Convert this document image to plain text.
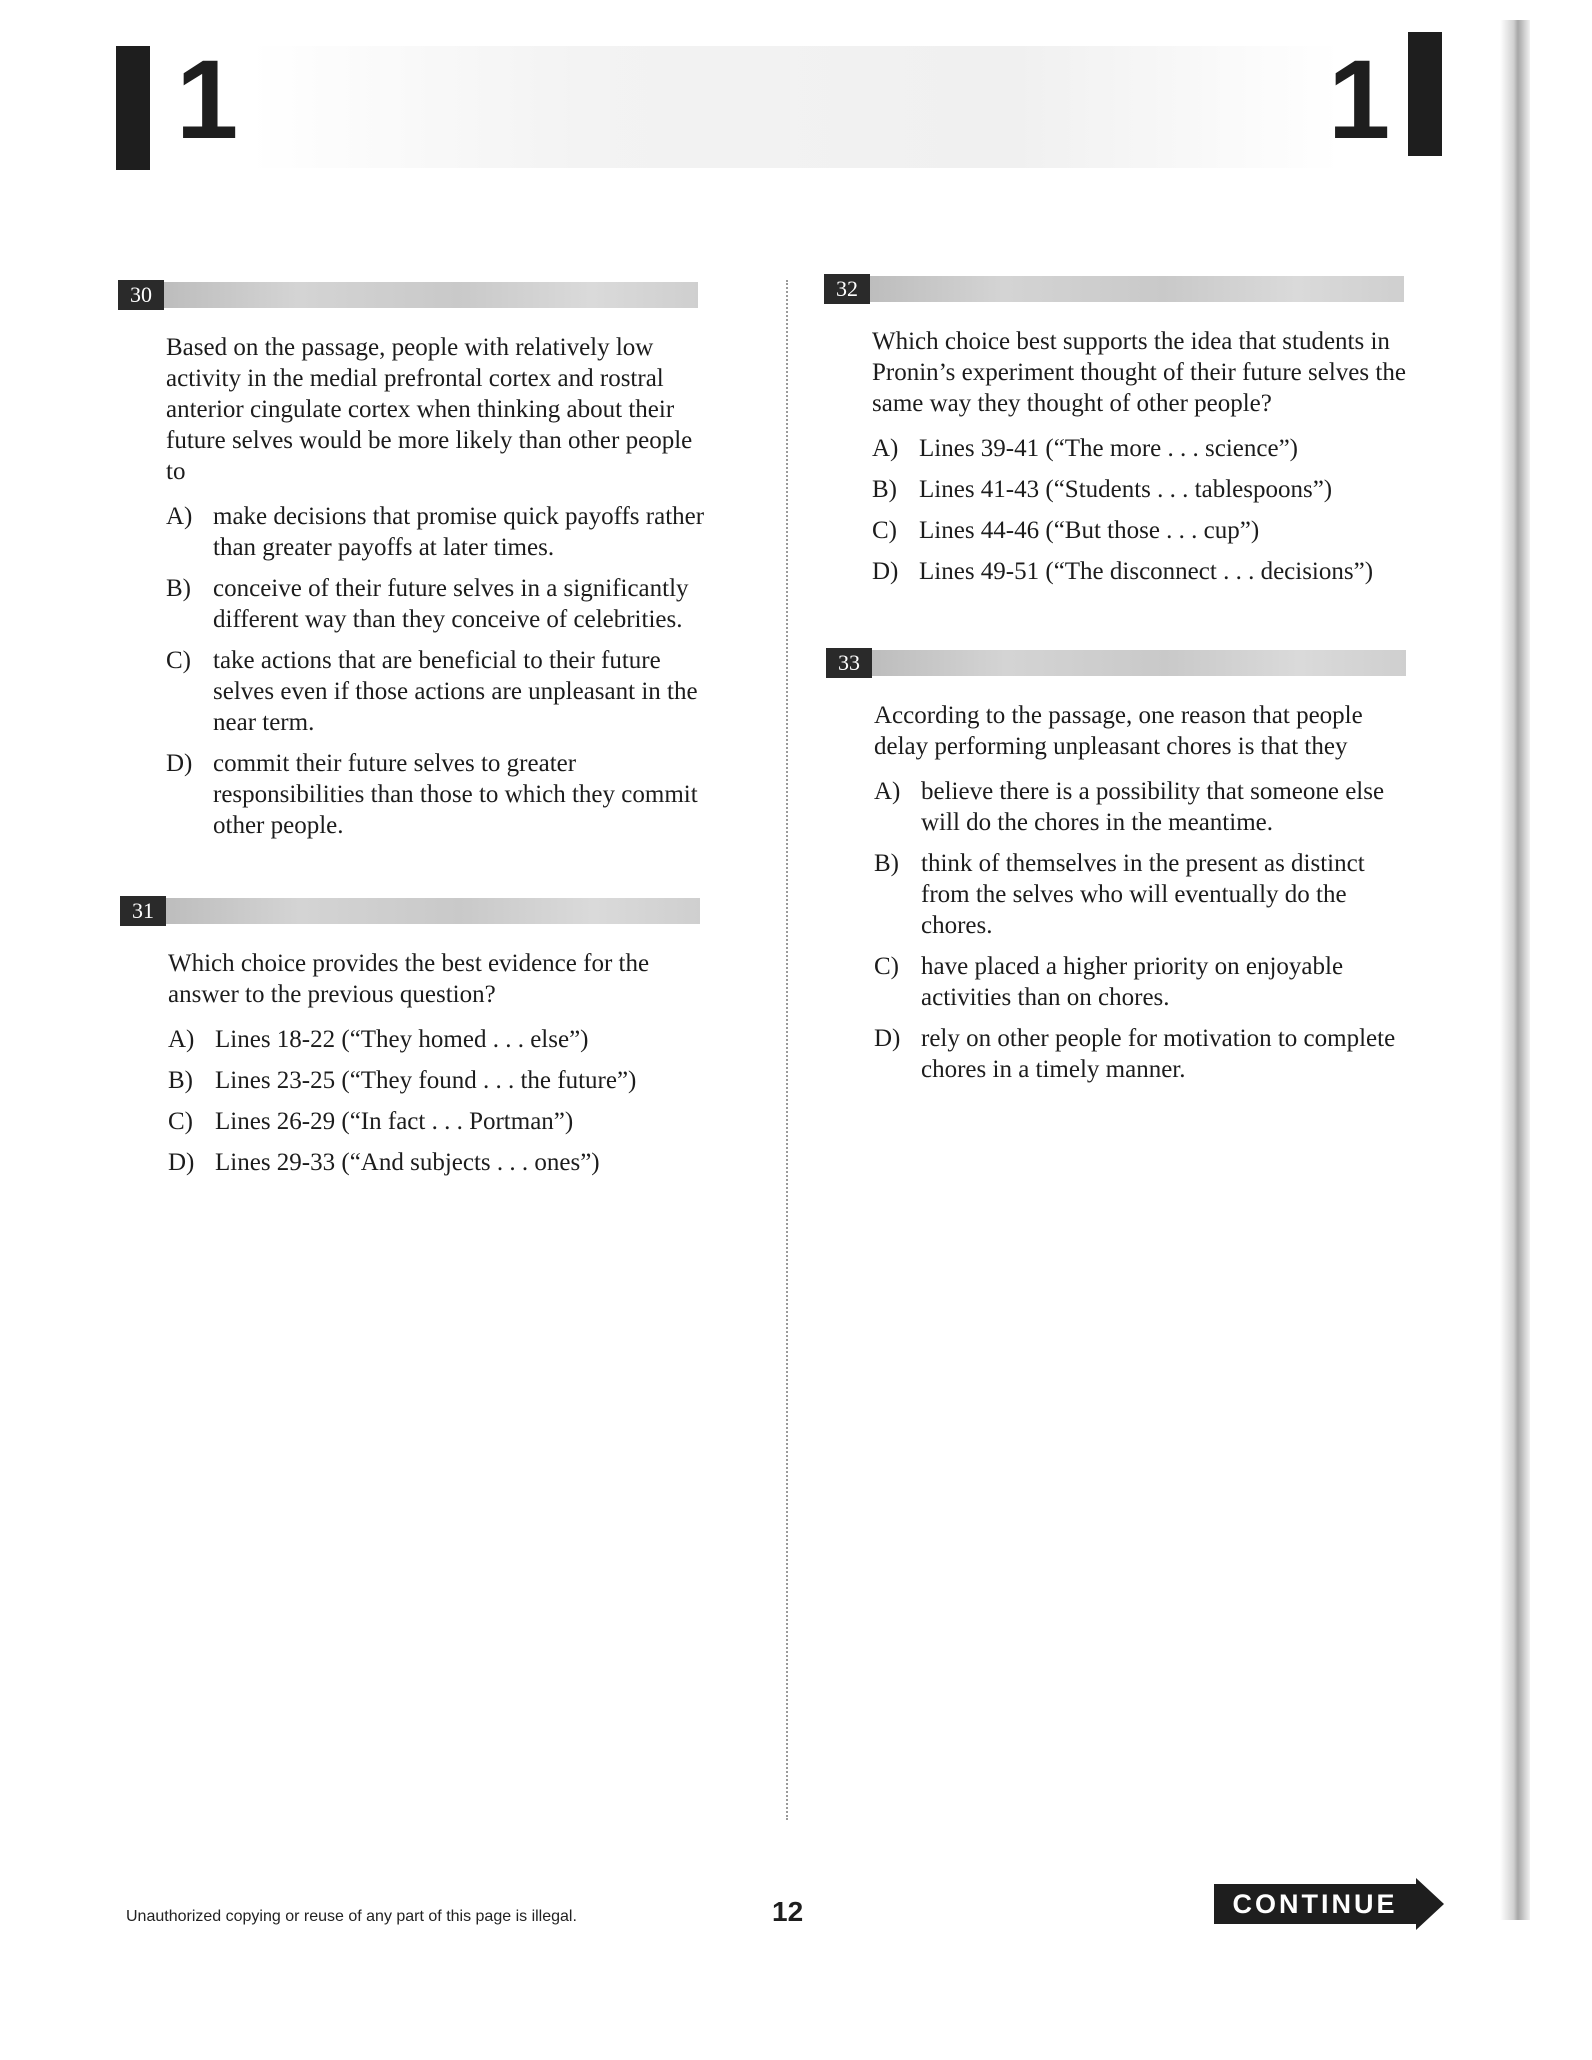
1	1
30
Based on the passage, people with relatively low activity in the medial prefrontal cortex and rostral anterior cingulate cortex when thinking about their future selves would be more likely than other people to
A) make decisions that promise quick payoffs rather than greater payoffs at later times.
B) conceive of their future selves in a significantly different way than they conceive of celebrities.
C) take actions that are beneficial to their future selves even if those actions are unpleasant in the near term.
D) commit their future selves to greater responsibilities than those to which they commit other people.
31
Which choice provides the best evidence for the answer to the previous question?
A) Lines 18-22 (“They homed . . . else”)
B) Lines 23-25 (“They found . . . the future”)
C) Lines 26-29 (“In fact . . . Portman”)
D) Lines 29-33 (“And subjects . . . ones”)
32
Which choice best supports the idea that students in Pronin’s experiment thought of their future selves the same way they thought of other people?
A) Lines 39-41 (“The more . . . science”)
B) Lines 41-43 (“Students . . . tablespoons”)
C) Lines 44-46 (“But those . . . cup”)
D) Lines 49-51 (“The disconnect . . . decisions”)
33
According to the passage, one reason that people delay performing unpleasant chores is that they
A) believe there is a possibility that someone else will do the chores in the meantime.
B) think of themselves in the present as distinct from the selves who will eventually do the chores.
C) have placed a higher priority on enjoyable activities than on chores.
D) rely on other people for motivation to complete chores in a timely manner.
Unauthorized copying or reuse of any part of this page is illegal.	12	CONTINUE
